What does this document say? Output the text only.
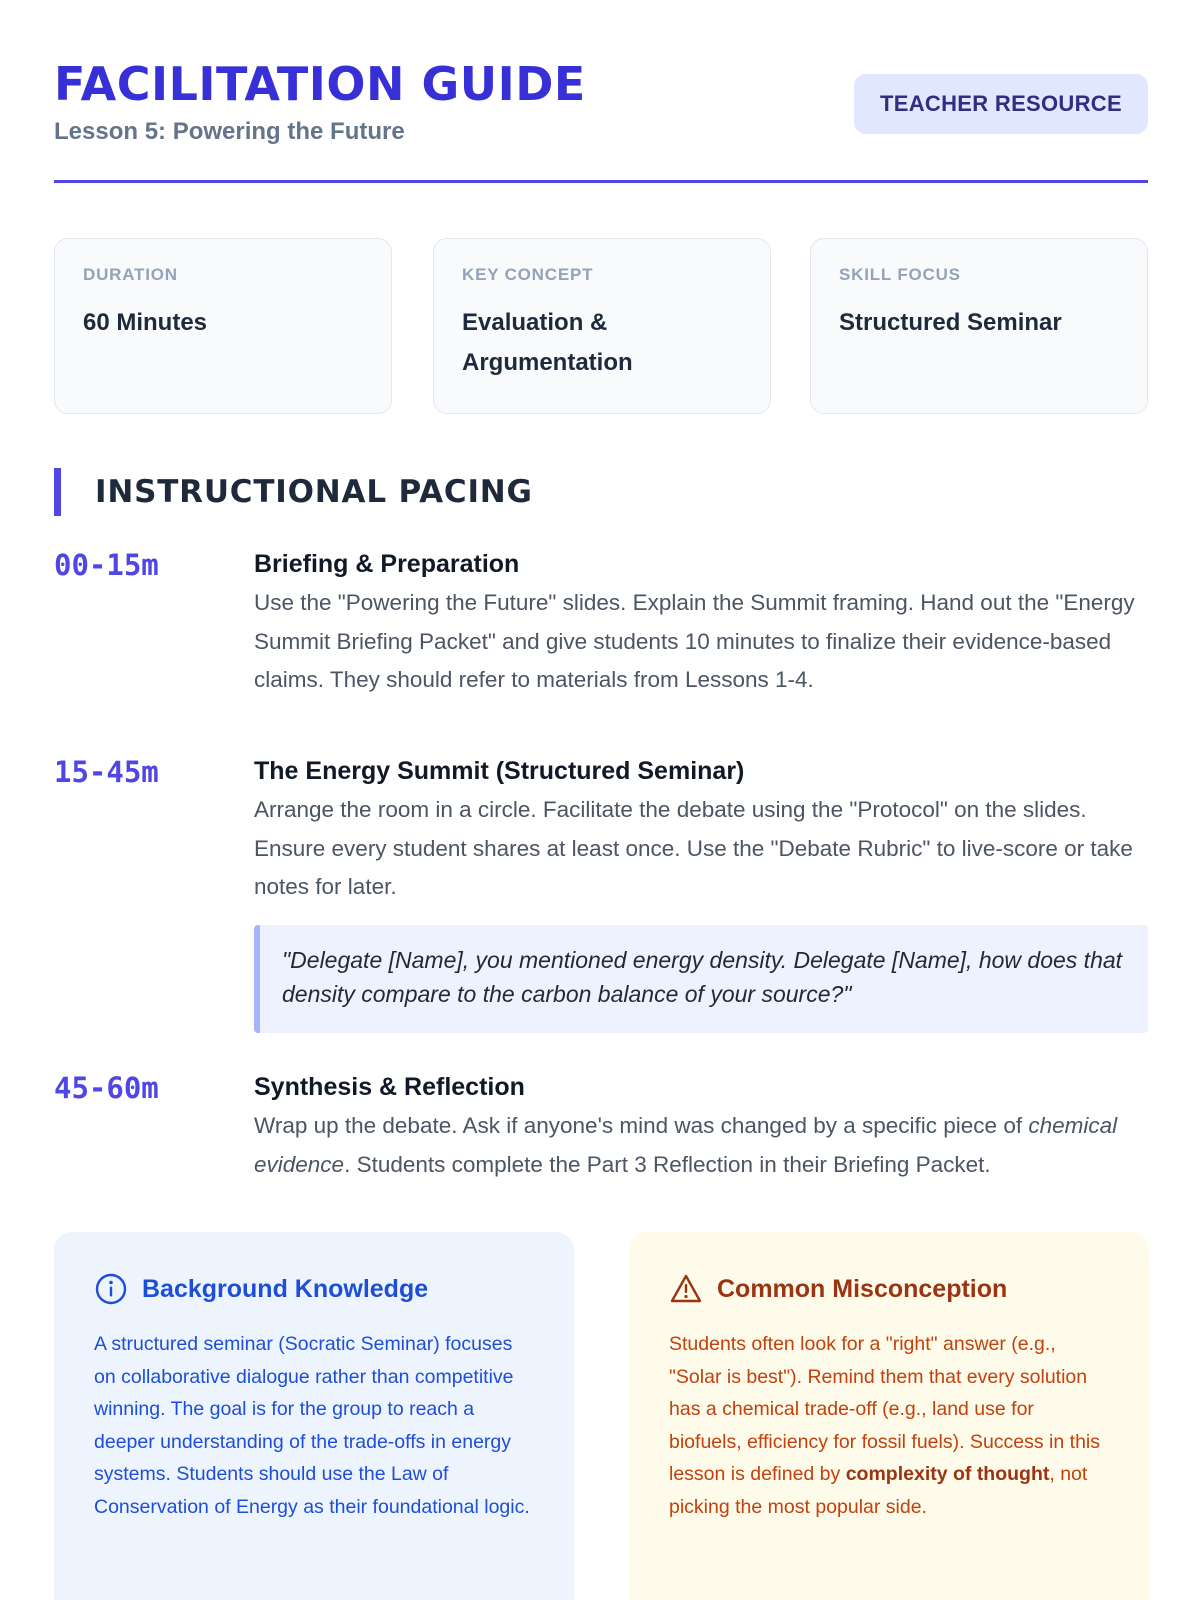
FACILITATION GUIDE
Lesson 5: Powering the Future
TEACHER RESOURCE
DURATION
60 Minutes
KEY CONCEPT
Evaluation & Argumentation
SKILL FOCUS
Structured Seminar
INSTRUCTIONAL PACING
00-15m	Briefing & Preparation
Use the "Powering the Future" slides. Explain the Summit framing. Hand out the "Energy Summit Briefing Packet" and give students 10 minutes to finalize their evidence-based claims. They should refer to materials from Lessons 1-4.
15-45m	The Energy Summit (Structured Seminar)
Arrange the room in a circle. Facilitate the debate using the "Protocol" on the slides. Ensure every student shares at least once. Use the "Debate Rubric" to live-score or take notes for later.
"Delegate [Name], you mentioned energy density. Delegate [Name], how does that density compare to the carbon balance of your source?"
45-60m	Synthesis & Reflection
Wrap up the debate. Ask if anyone's mind was changed by a specific piece of chemical evidence. Students complete the Part 3 Reflection in their Briefing Packet.
Background Knowledge
A structured seminar (Socratic Seminar) focuses on collaborative dialogue rather than competitive winning. The goal is for the group to reach a deeper understanding of the trade-offs in energy systems. Students should use the Law of Conservation of Energy as their foundational logic.
Common Misconception
Students often look for a "right" answer (e.g., "Solar is best"). Remind them that every solution has a chemical trade-off (e.g., land use for biofuels, efficiency for fossil fuels). Success in this lesson is defined by complexity of thought, not picking the most popular side.
